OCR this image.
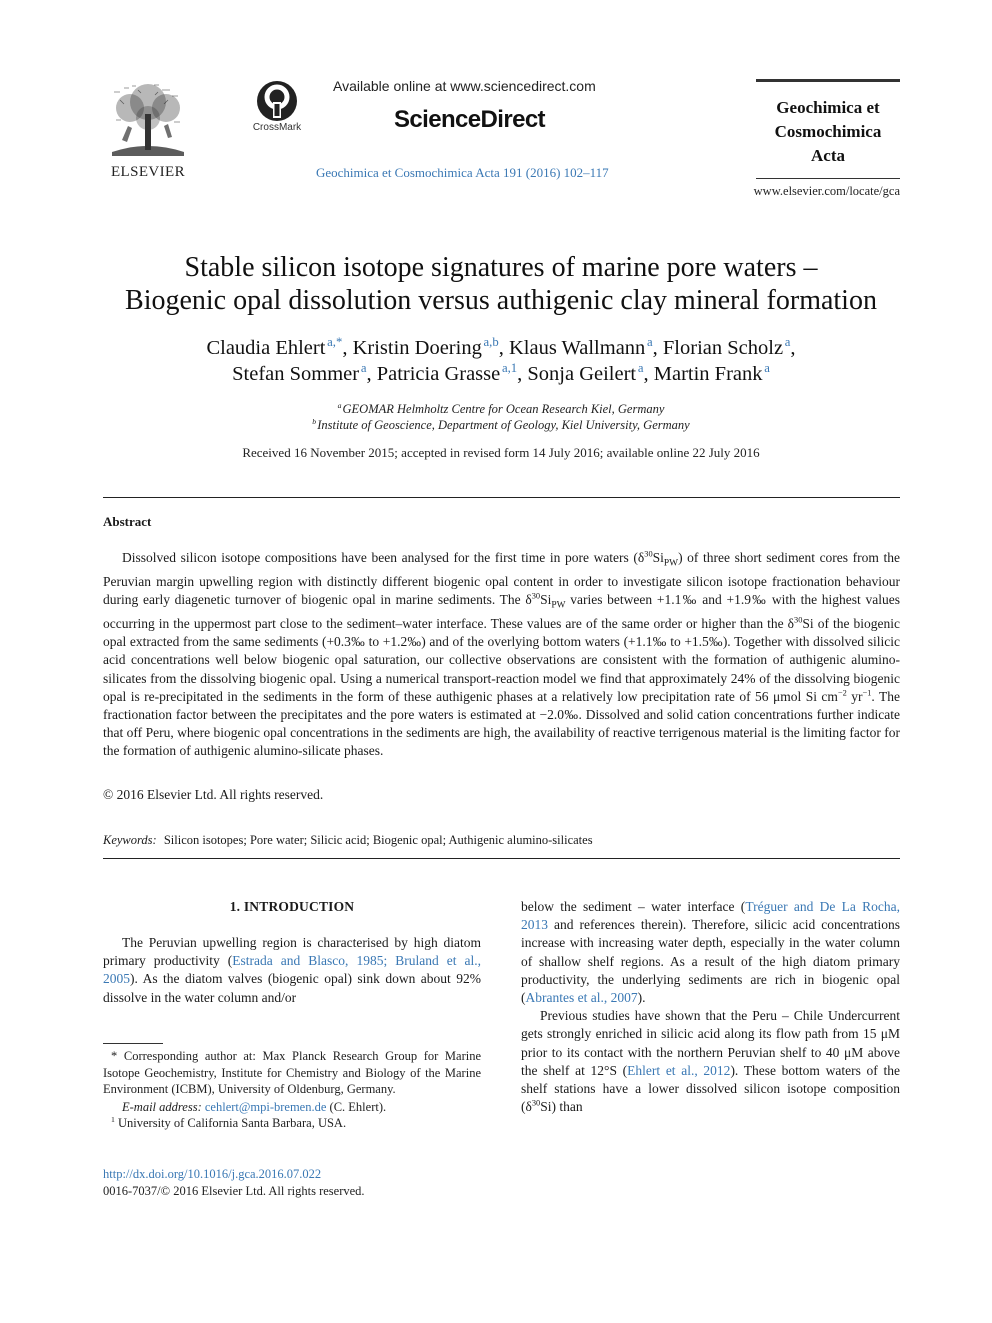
ELSEVIER
CrossMark
Available online at www.sciencedirect.com
ScienceDirect
Geochimica et Cosmochimica Acta 191 (2016) 102–117
Geochimica et
Cosmochimica
Acta
www.elsevier.com/locate/gca
Stable silicon isotope signatures of marine pore waters –
Biogenic opal dissolution versus authigenic clay mineral formation
Claudia Ehlert  $^{a,*}$, Kristin Doering  $^{a,b}$, Klaus Wallmann  $^a$, Florian Scholz  $^a$,
Stefan Sommer  $^a$, Patricia Grasse  $^{a,1}$, Sonja Geilert  $^a$, Martin Frank  $^a$
$^a$ GEOMAR Helmholtz Centre for Ocean Research Kiel, Germany
$^b$ Institute of Geoscience, Department of Geology, Kiel University, Germany
Received 16 November 2015; accepted in revised form 14 July 2016; available online 22 July 2016
Abstract
Dissolved silicon isotope compositions have been analysed for the first time in pore waters $(\delta^{30}Si_{PW})$ of three short sediment cores from the Peruvian margin upwelling region with distinctly different biogenic opal content in order to investigate silicon isotope fractionation behaviour during early diagenetic turnover of biogenic opal in marine sediments. The $\delta^{30}Si_{PW}$ varies between +1.1‰ and +1.9‰ with the highest values occurring in the uppermost part close to the sediment–water interface. These values are of the same order or higher than the $\delta^{30}Si$ of the biogenic opal extracted from the same sediments (+0.3‰ to +1.2‰) and of the overlying bottom waters (+1.1‰ to +1.5‰). Together with dissolved silicic acid concentrations well below biogenic opal saturation, our collective observations are consistent with the formation of authigenic alumino-silicates from the dissolving biogenic opal. Using a numerical transport-reaction model we find that approximately 24% of the dissolving biogenic opal is re-precipitated in the sediments in the form of these authigenic phases at a relatively low precipitation rate of 56 μmol Si $cm^{-2}$ $yr^{-1}$. The fractionation factor between the precipitates and the pore waters is estimated at −2.0‰. Dissolved and solid cation concentrations further indicate that off Peru, where biogenic opal concentrations in the sediments are high, the availability of reactive terrigenous material is the limiting factor for the formation of authigenic alumino-silicate phases.
© 2016 Elsevier Ltd. All rights reserved.
Keywords: Silicon isotopes; Pore water; Silicic acid; Biogenic opal; Authigenic alumino-silicates
1. INTRODUCTION

The Peruvian upwelling region is characterised by high diatom primary productivity (Estrada and Blasco, 1985; Bruland et al., 2005). As the diatom valves (biogenic opal) sink down about 92% dissolve in the water column and/or

* Corresponding author at: Max Planck Research Group for Marine Isotope Geochemistry, Institute for Chemistry and Biology of the Marine Environment (ICBM), University of Oldenburg, Germany.

E-mail address: cehlert@mpi-bremen.de (C. Ehlert).

$^1$ University of California Santa Barbara, USA.

http://dx.doi.org/10.1016/j.gca.2016.07.022
0016-7037/© 2016 Elsevier Ltd. All rights reserved.

below the sediment – water interface (Tréguer and De La Rocha, 2013 and references therein). Therefore, silicic acid concentrations increase with increasing water depth, especially in the water column of shallow shelf regions. As a result of the high diatom primary productivity, the underlying sediments are rich in biogenic opal (Abrantes et al., 2007).

Previous studies have shown that the Peru – Chile Undercurrent gets strongly enriched in silicic acid along its flow path from 15 μM prior to its contact with the northern Peruvian shelf to 40 μM above the shelf at 12°S (Ehlert et al., 2012). These bottom waters of the shelf stations have a lower dissolved silicon isotope composition $(\delta^{30}Si)$ than
